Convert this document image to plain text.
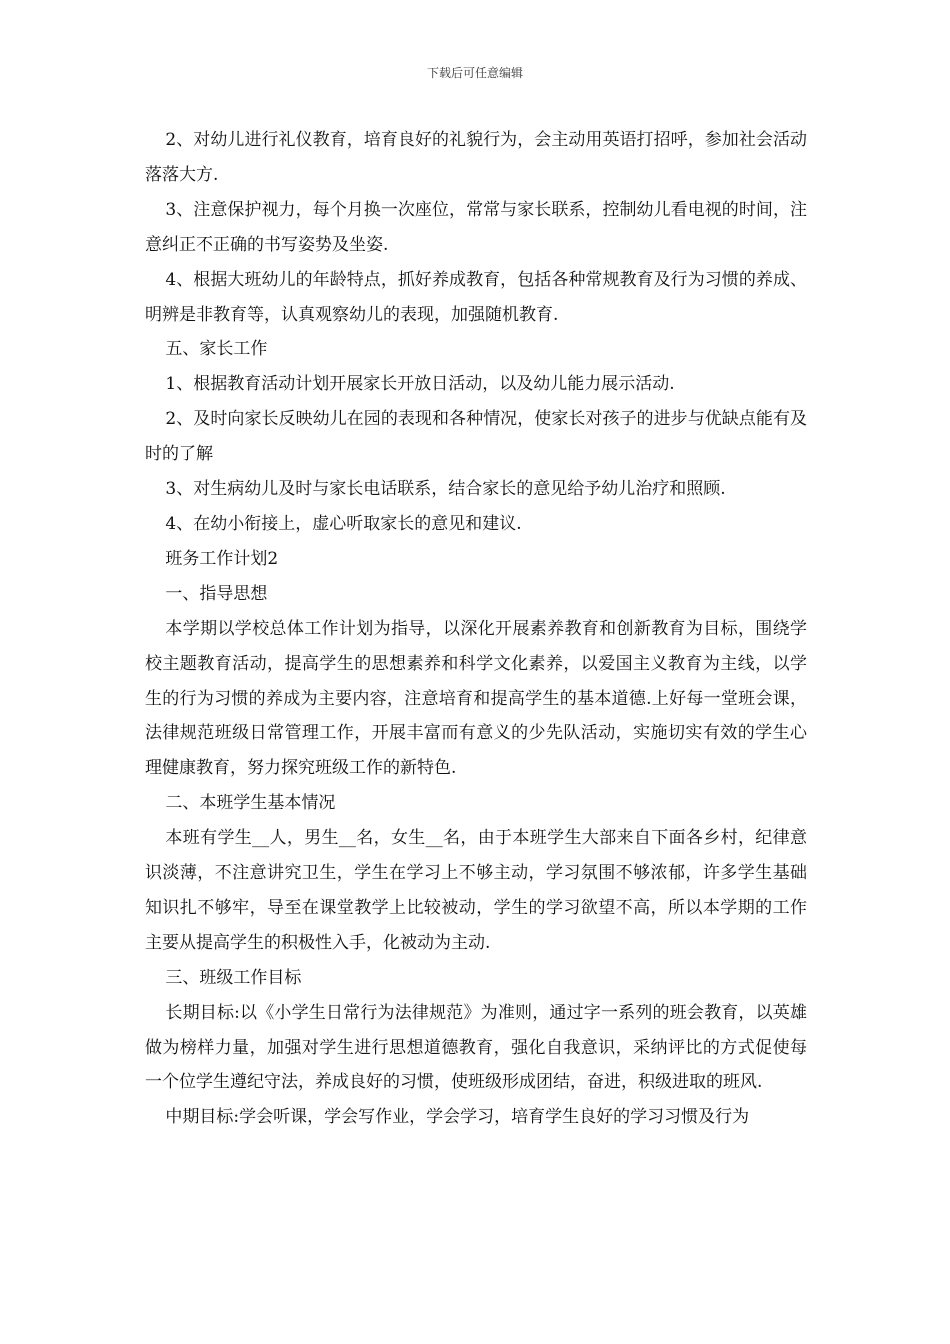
下载后可任意编辑

2、对幼儿进行礼仪教育，培育良好的礼貌行为，会主动用英语打招呼，参加社会活动落落大方.

3、注意保护视力，每个月换一次座位，常常与家长联系，控制幼儿看电视的时间，注意纠正不正确的书写姿势及坐姿.

4、根据大班幼儿的年龄特点，抓好养成教育，包括各种常规教育及行为习惯的养成、明辨是非教育等，认真观察幼儿的表现，加强随机教育.

五、家长工作

1、根据教育活动计划开展家长开放日活动，以及幼儿能力展示活动.

2、及时向家长反映幼儿在园的表现和各种情况，使家长对孩子的进步与优缺点能有及时的了解

3、对生病幼儿及时与家长电话联系，结合家长的意见给予幼儿治疗和照顾.

4、在幼小衔接上，虚心听取家长的意见和建议.

班务工作计划2

一、指导思想

本学期以学校总体工作计划为指导，以深化开展素养教育和创新教育为目标，围绕学校主题教育活动，提高学生的思想素养和科学文化素养，以爱国主义教育为主线，以学生的行为习惯的养成为主要内容，注意培育和提高学生的基本道德.上好每一堂班会课，法律规范班级日常管理工作，开展丰富而有意义的少先队活动，实施切实有效的学生心理健康教育，努力探究班级工作的新特色.

二、本班学生基本情况

本班有学生__人，男生__名，女生__名，由于本班学生大部来自下面各乡村，纪律意识淡薄，不注意讲究卫生，学生在学习上不够主动，学习氛围不够浓郁，许多学生基础知识扎不够牢，导至在课堂教学上比较被动，学生的学习欲望不高，所以本学期的工作主要从提高学生的积极性入手，化被动为主动.

三、班级工作目标

长期目标:以《小学生日常行为法律规范》为准则，通过字一系列的班会教育，以英雄做为榜样力量，加强对学生进行思想道德教育，强化自我意识，采纳评比的方式促使每一个位学生遵纪守法，养成良好的习惯，使班级形成团结，奋进，积级进取的班风.

中期目标:学会听课，学会写作业，学会学习，培育学生良好的学习习惯及行为
